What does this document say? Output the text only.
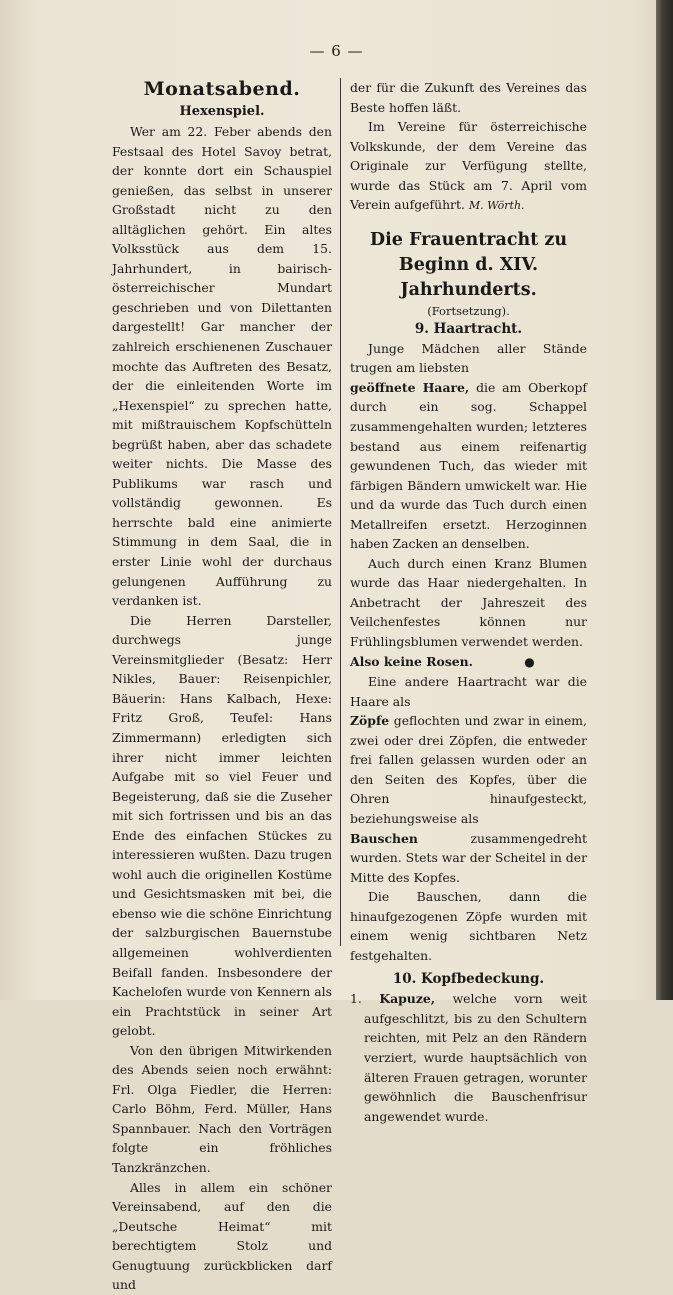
— 6 —
Monatsabend.
Hexenspiel.

Wer am 22. Feber abends den Festsaal des Hotel Savoy betrat, der konnte dort ein Schauspiel genießen, das selbst in unserer Großstadt nicht zu den alltäglichen gehört. Ein altes Volksstück aus dem 15. Jahrhundert, in bairisch-österreichischer Mundart geschrieben und von Dilettanten dargestellt! Gar mancher der zahlreich erschienenen Zuschauer mochte das Auftreten des Besatz, der die einleitenden Worte im „Hexenspiel“ zu sprechen hatte, mit mißtrauischem Kopfschütteln begrüßt haben, aber das schadete weiter nichts. Die Masse des Publikums war rasch und vollständig gewonnen. Es herrschte bald eine animierte Stimmung in dem Saal, die in erster Linie wohl der durchaus gelungenen Aufführung zu verdanken ist.

Die Herren Darsteller, durchwegs junge Vereinsmitglieder (Besatz: Herr Nikles, Bauer: Reisenpichler, Bäuerin: Hans Kalbach, Hexe: Fritz Groß, Teufel: Hans Zimmermann) erledigten sich ihrer nicht immer leichten Aufgabe mit so viel Feuer und Begeisterung, daß sie die Zuseher mit sich fortrissen und bis an das Ende des einfachen Stückes zu interessieren wußten. Dazu trugen wohl auch die originellen Kostüme und Gesichtsmasken mit bei, die ebenso wie die schöne Einrichtung der salzburgischen Bauernstube allgemeinen wohlverdienten Beifall fanden. Insbesondere der Kachelofen wurde von Kennern als ein Prachtstück in seiner Art gelobt.

Von den übrigen Mitwirkenden des Abends seien noch erwähnt: Frl. Olga Fiedler, die Herren: Carlo Böhm, Ferd. Müller, Hans Spannbauer. Nach den Vorträgen folgte ein fröhliches Tanzkränzchen.

Alles in allem ein schöner Vereinsabend, auf den die „Deutsche Heimat“ mit berechtigtem Stolz und Genugtuung zurückblicken darf und

der für die Zukunft des Vereines das Beste hoffen läßt.

Im Vereine für österreichische Volkskunde, der dem Vereine das Originale zur Verfügung stellte, wurde das Stück am 7. April vom Verein aufgeführt. M. Wörth.

Die Frauentracht zu Beginn d. XIV. Jahrhunderts.
(Fortsetzung).
9. Haartracht.

Junge Mädchen aller Stände trugen am liebsten

geöffnete Haare, die am Oberkopf durch ein sog. Schappel zusammengehalten wurden; letzteres bestand aus einem reifenartig gewundenen Tuch, das wieder mit färbigen Bändern umwickelt war. Hie und da wurde das Tuch durch einen Metallreifen ersetzt. Herzoginnen haben Zacken an denselben.

Auch durch einen Kranz Blumen wurde das Haar niedergehalten. In Anbetracht der Jahreszeit des Veilchenfestes können nur Frühlingsblumen verwendet werden.

Also keine Rosen.	●

Eine andere Haartracht war die Haare als

Zöpfe geflochten und zwar in einem, zwei oder drei Zöpfen, die entweder frei fallen gelassen wurden oder an den Seiten des Kopfes, über die Ohren hinaufgesteckt, beziehungsweise als

Bauschen	zusammengedreht wurden. Stets war der Scheitel in der Mitte des Kopfes.

Die Bauschen, dann die hinaufgezogenen Zöpfe wurden mit einem wenig sichtbaren Netz festgehalten.

10. Kopfbedeckung.
1. Kapuze, welche vorn weit aufgeschlitzt, bis zu den Schultern reichten, mit Pelz an den Rändern verziert, wurde hauptsächlich von älteren Frauen getragen, worunter gewöhnlich die Bauschenfrisur angewendet wurde.
